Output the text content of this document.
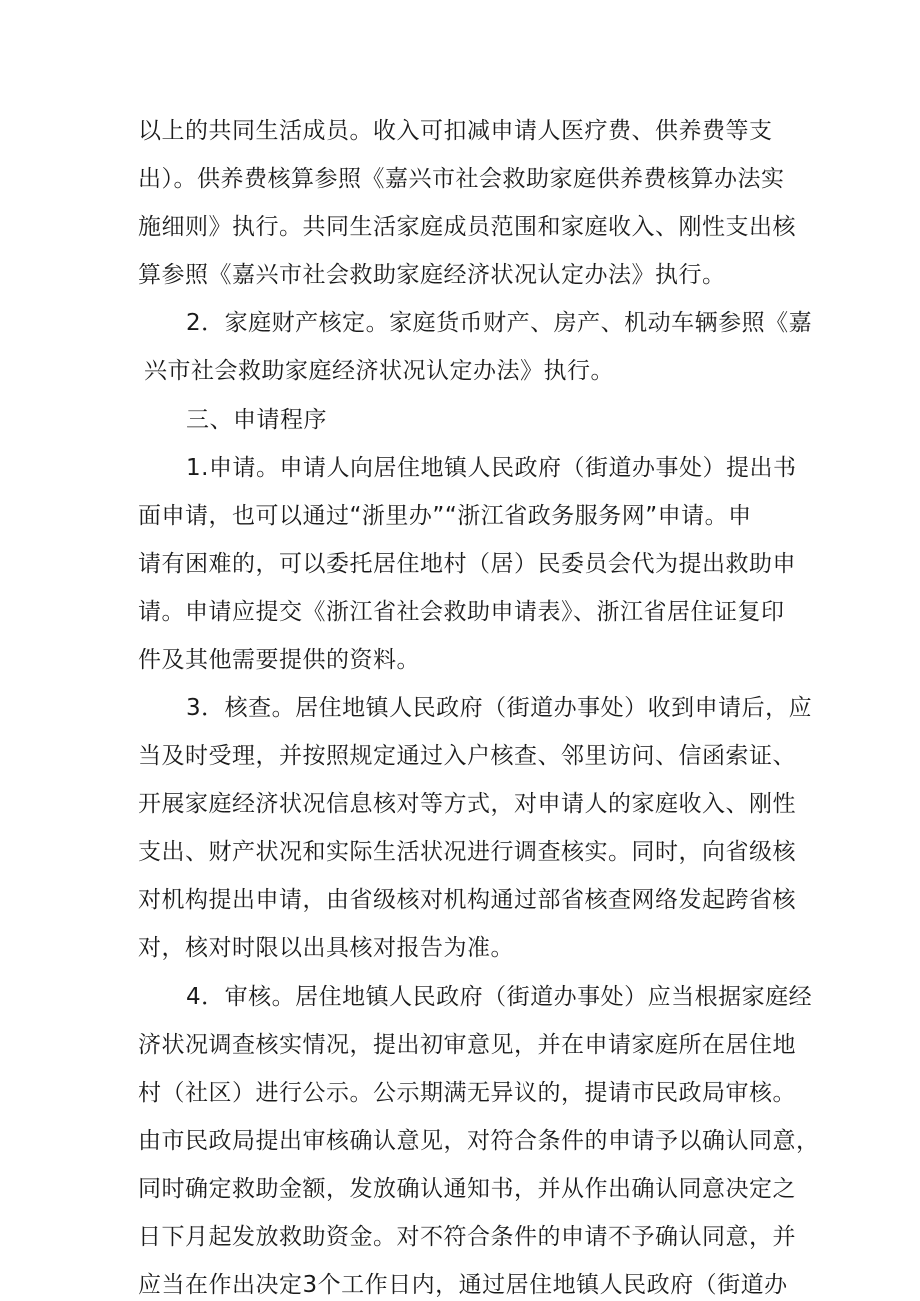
以上的共同生活成员。收入可扣减申请人医疗费、供养费等支
出）。供养费核算参照《嘉兴市社会救助家庭供养费核算办法实
施细则》执行。共同生活家庭成员范围和家庭收入、刚性支出核
算参照《嘉兴市社会救助家庭经济状况认定办法》执行。
2．家庭财产核定。家庭货币财产、房产、机动车辆参照《嘉
兴市社会救助家庭经济状况认定办法》执行。
三、申请程序
1.申请。申请人向居住地镇人民政府（街道办事处）提出书
面申请，也可以通过“浙里办”“浙江省政务服务网”申请。申
请有困难的，可以委托居住地村（居）民委员会代为提出救助申
请。申请应提交《浙江省社会救助申请表》、浙江省居住证复印
件及其他需要提供的资料。
3．核查。居住地镇人民政府（街道办事处）收到申请后，应
当及时受理，并按照规定通过入户核查、邻里访问、信函索证、
开展家庭经济状况信息核对等方式，对申请人的家庭收入、刚性
支出、财产状况和实际生活状况进行调查核实。同时，向省级核
对机构提出申请，由省级核对机构通过部省核查网络发起跨省核
对，核对时限以出具核对报告为准。
4．审核。居住地镇人民政府（街道办事处）应当根据家庭经
济状况调查核实情况，提出初审意见，并在申请家庭所在居住地
村（社区）进行公示。公示期满无异议的，提请市民政局审核。
由市民政局提出审核确认意见，对符合条件的申请予以确认同意，
同时确定救助金额，发放确认通知书，并从作出确认同意决定之
日下月起发放救助资金。对不符合条件的申请不予确认同意，并
应当在作出决定3个工作日内，通过居住地镇人民政府（街道办
